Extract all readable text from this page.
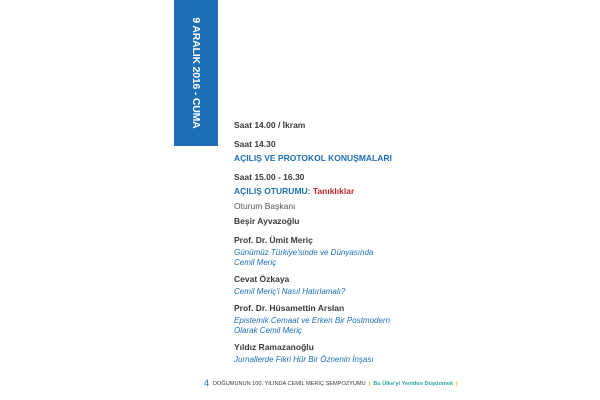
9 ARALIK 2016 - CUMA	Saat 14.00 / İkram
Saat 14.30
AÇILIŞ VE PROTOKOL KONUŞMALARI
Saat 15.00 - 16.30
AÇILIŞ OTURUMU: Tanıklıklar
Oturum Başkanı
Beşir Ayvazoğlu
Prof. Dr. Ümit Meriç
Günümüz Türkiye'sinde ve Dünyasında
Cemil Meriç
Cevat Özkaya
Cemil Meriç'i Nasıl Hatırlamalı?
Prof. Dr. Hüsamettin Arslan
Epistemik Cemaat ve Erken Bir Postmodern
Olarak Cemil Meriç
Yıldız Ramazanoğlu
Jurnallerde Fikri Hür Bir Öznenin İnşası
4 DOĞUMUNUN 100. YILINDA CEMİL MERİÇ SEMPOZYUMU | Bu Ülke'yi Yeniden Düşünmek |
